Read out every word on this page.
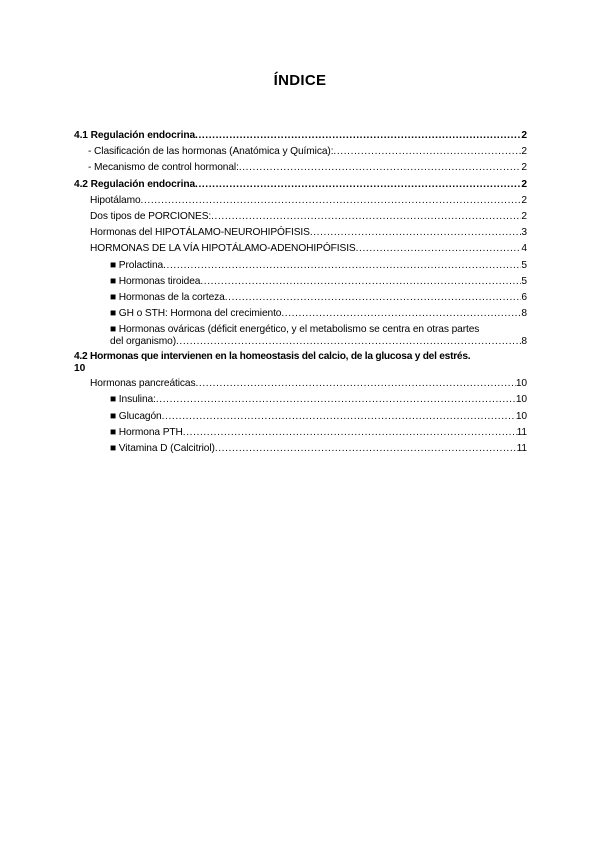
ÍNDICE
4.1 Regulación endocrina .....	2
- Clasificación de las hormonas (Anatómica y Química): .....	2
- Mecanismo de control hormonal: .....	2
4.2 Regulación endocrina .....	2
Hipotálamo .....	2
Dos tipos de PORCIONES: .....	2
Hormonas del HIPOTÁLAMO-NEUROHIPÓFISIS .....	3
HORMONAS DE LA VÍA HIPOTÁLAMO-ADENOHIPÓFISIS .....	4
■ Prolactina .....	5
■ Hormonas tiroidea .....	5
■ Hormonas de la corteza .....	6
■ GH o STH: Hormona del crecimiento .....	8
■ Hormonas ováricas (déficit energético, y el metabolismo se centra en otras partes
del organismo) .....	8
4.2 Hormonas que intervienen en la homeostasis del calcio, de la glucosa y del estrés.
10
Hormonas pancreáticas .....	10
■ Insulina: .....	10
■ Glucagón .....	10
■ Hormona PTH .....	11
■ Vitamina D (Calcitriol) .....	11
